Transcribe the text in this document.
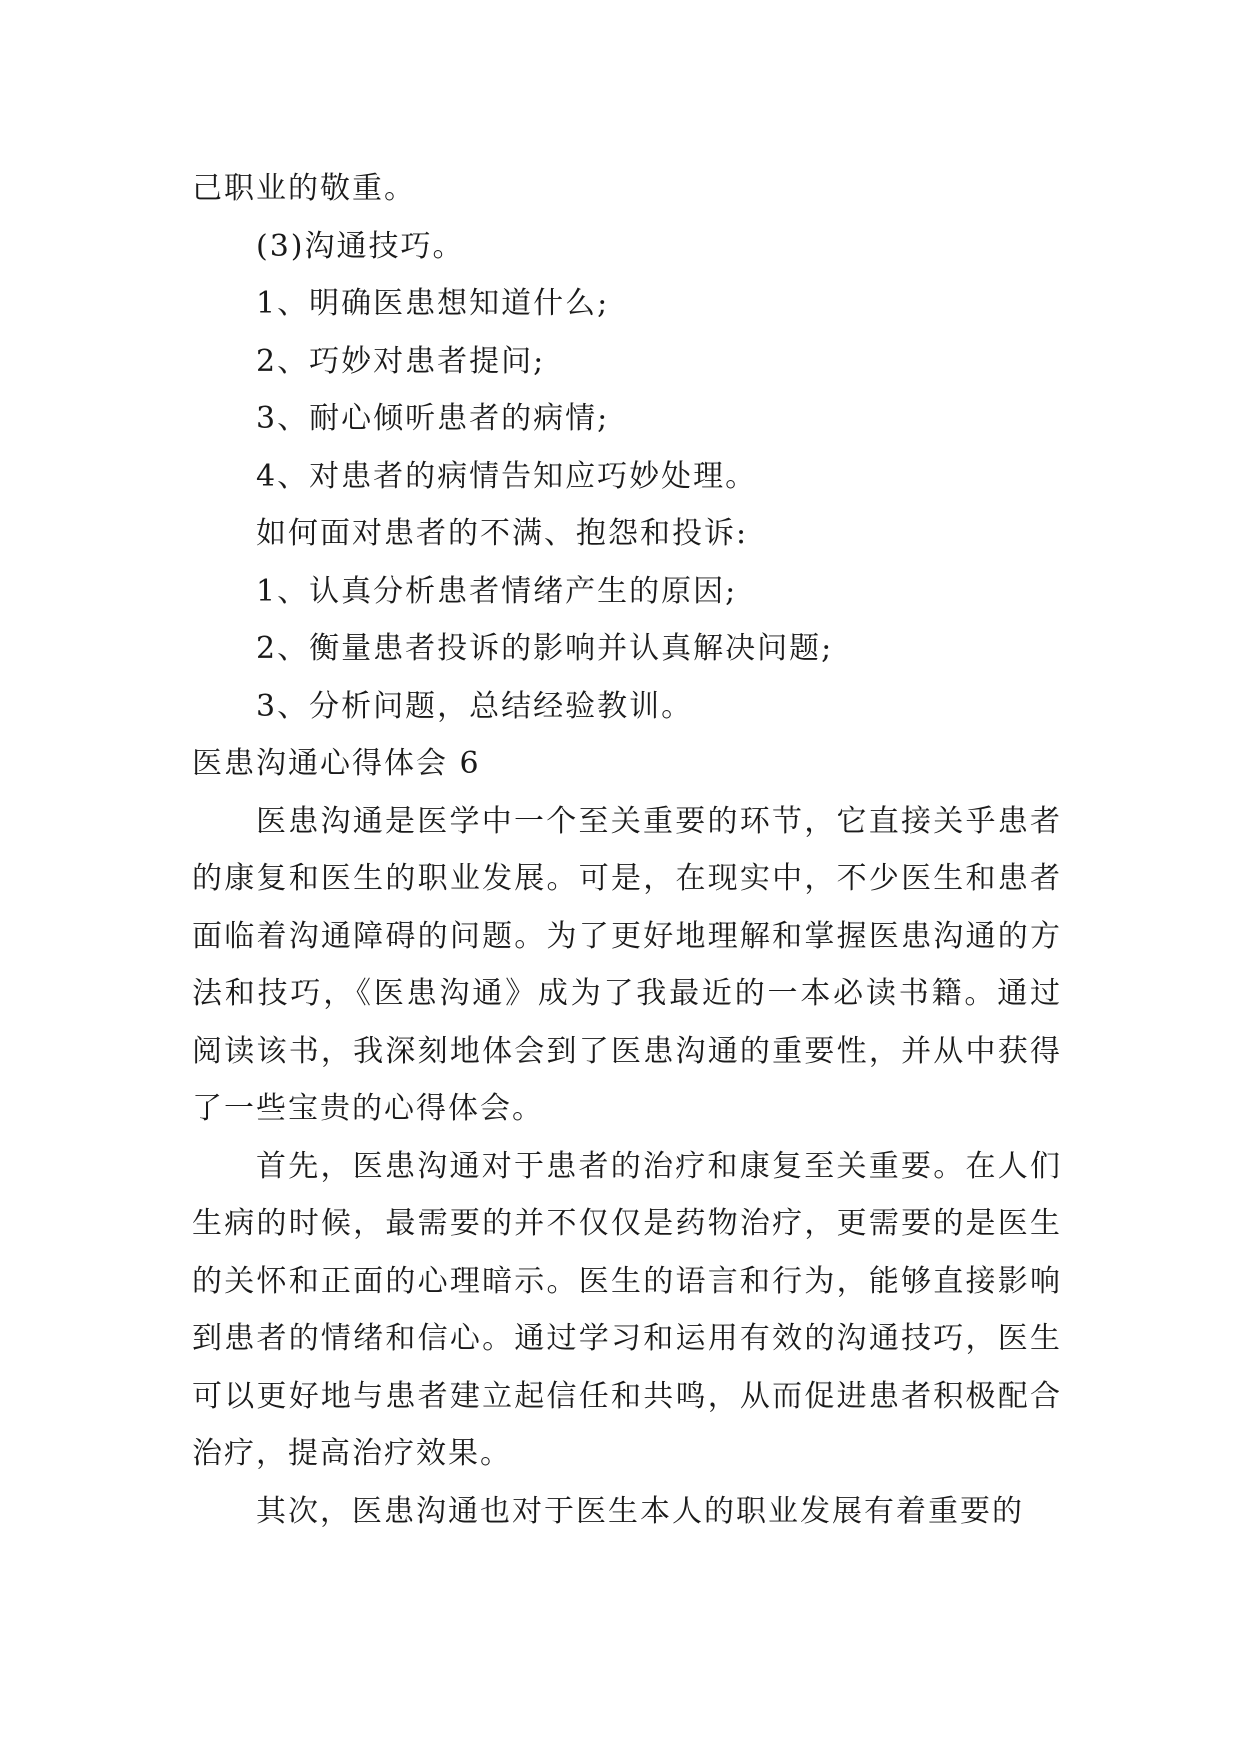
己职业的敬重。
(3)沟通技巧。
1、明确医患想知道什么;
2、巧妙对患者提问;
3、耐心倾听患者的病情;
4、对患者的病情告知应巧妙处理。
如何面对患者的不满、抱怨和投诉:
1、认真分析患者情绪产生的原因;
2、衡量患者投诉的影响并认真解决问题;
3、分析问题，总结经验教训。
医患沟通心得体会 6

医患沟通是医学中一个至关重要的环节，它直接关乎患者的康复和医生的职业发展。可是，在现实中，不少医生和患者面临着沟通障碍的问题。为了更好地理解和掌握医患沟通的方法和技巧，《医患沟通》成为了我最近的一本必读书籍。通过阅读该书，我深刻地体会到了医患沟通的重要性，并从中获得了一些宝贵的心得体会。

首先，医患沟通对于患者的治疗和康复至关重要。在人们生病的时候，最需要的并不仅仅是药物治疗，更需要的是医生的关怀和正面的心理暗示。医生的语言和行为，能够直接影响到患者的情绪和信心。通过学习和运用有效的沟通技巧，医生可以更好地与患者建立起信任和共鸣，从而促进患者积极配合治疗，提高治疗效果。

其次，医患沟通也对于医生本人的职业发展有着重要的
